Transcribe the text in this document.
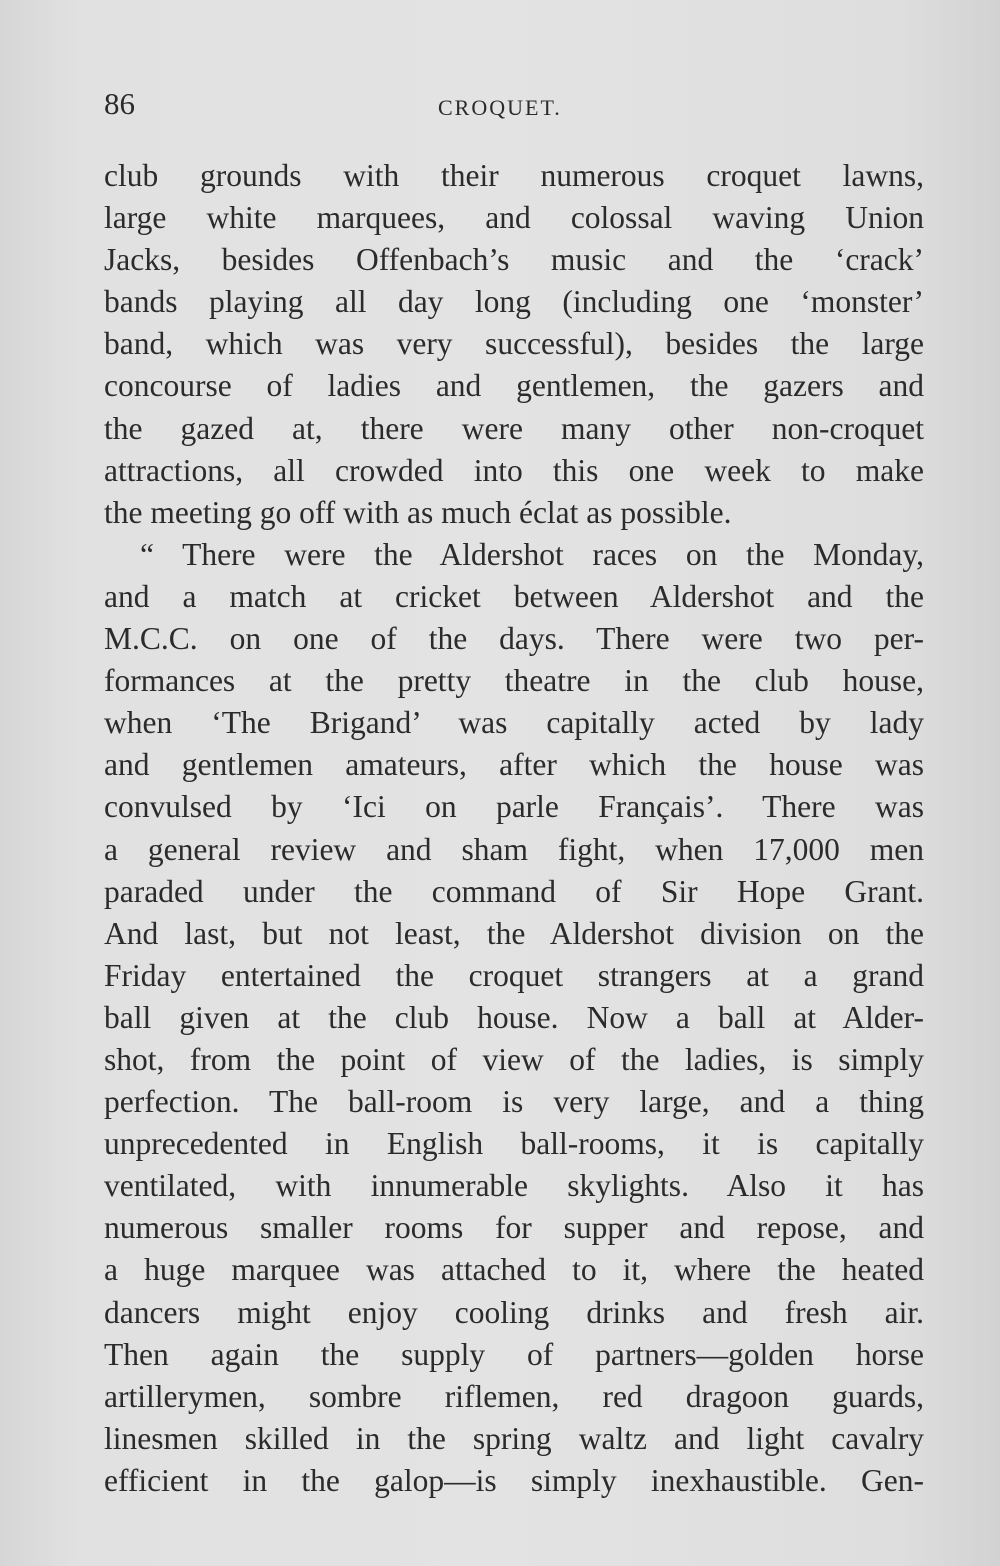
86	CROQUET.
club grounds with their numerous croquet lawns,
large white marquees, and colossal waving Union
Jacks, besides Offenbach’s music and the ‘crack’
bands playing all day long (including one ‘monster’
band, which was very successful), besides the large
concourse of ladies and gentlemen, the gazers and
the gazed at, there were many other non-croquet
attractions, all crowded into this one week to make
the meeting go off with as much éclat as possible.
“ There were the Aldershot races on the Monday,
and a match at cricket between Aldershot and the
M.C.C. on one of the days. There were two per-
formances at the pretty theatre in the club house,
when ‘The Brigand’ was capitally acted by lady
and gentlemen amateurs, after which the house was
convulsed by ‘Ici on parle Français’. There was
a general review and sham fight, when 17,000 men
paraded under the command of Sir Hope Grant.
And last, but not least, the Aldershot division on the
Friday entertained the croquet strangers at a grand
ball given at the club house. Now a ball at Alder-
shot, from the point of view of the ladies, is simply
perfection. The ball-room is very large, and a thing
unprecedented in English ball-rooms, it is capitally
ventilated, with innumerable skylights. Also it has
numerous smaller rooms for supper and repose, and
a huge marquee was attached to it, where the heated
dancers might enjoy cooling drinks and fresh air.
Then again the supply of partners—golden horse
artillerymen, sombre riflemen, red dragoon guards,
linesmen skilled in the spring waltz and light cavalry
efficient in the galop—is simply inexhaustible. Gen-
